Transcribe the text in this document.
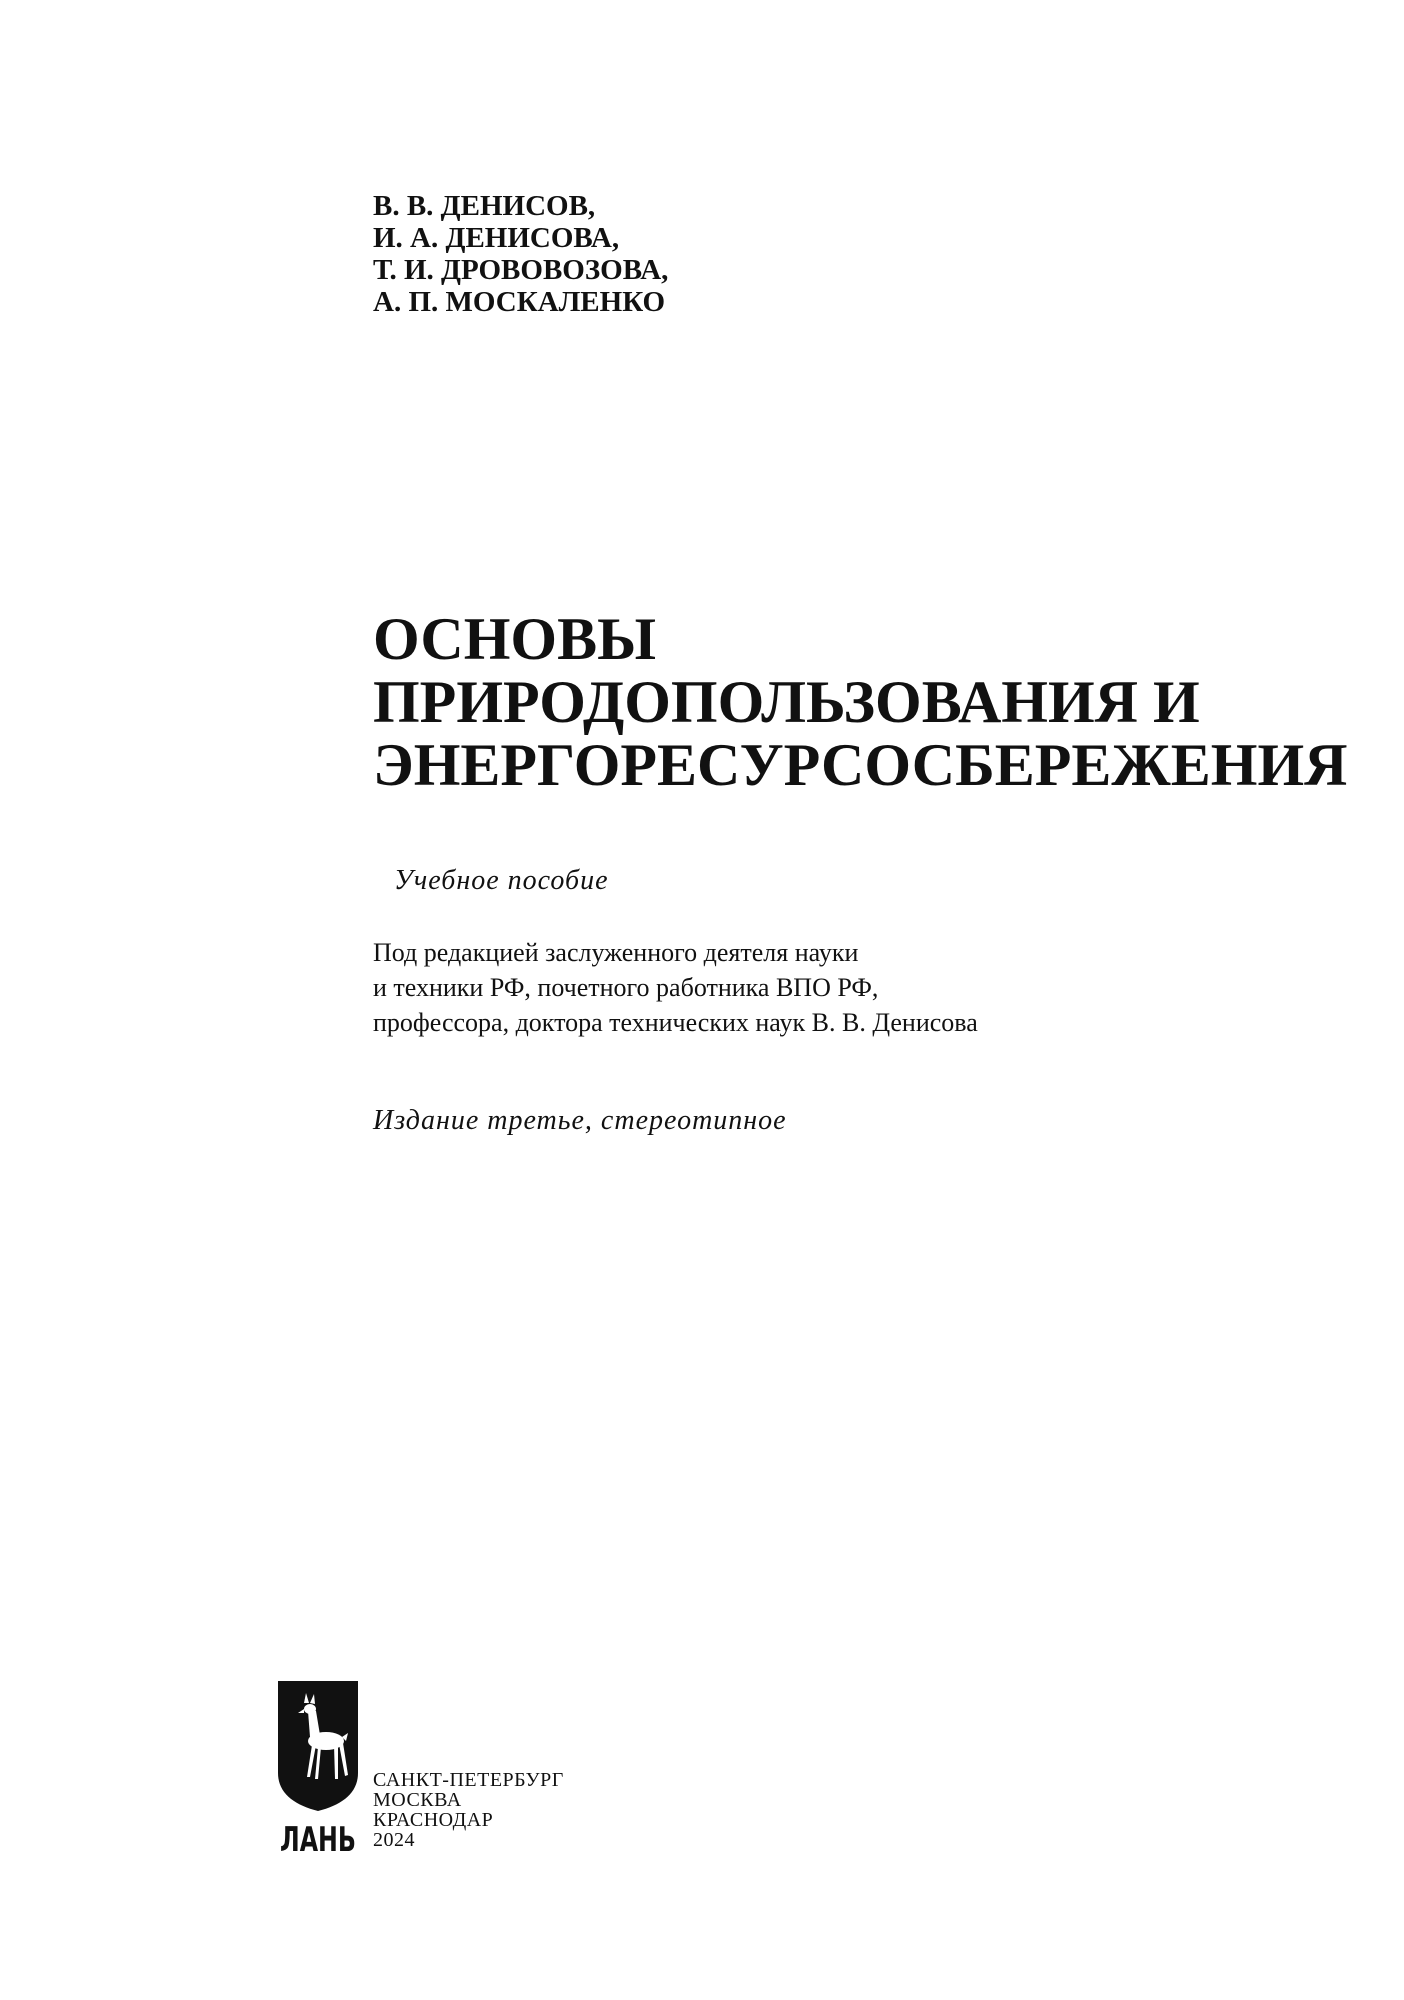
В. В. ДЕНИСОВ,
И. А. ДЕНИСОВА,
Т. И. ДРОВОВОЗОВА,
А. П. МОСКАЛЕНКО
ОСНОВЫ
ПРИРОДОПОЛЬЗОВАНИЯ И
ЭНЕРГОРЕСУРСОСБЕРЕЖЕНИЯ
Учебное пособие
Под редакцией заслуженного деятеля науки
и техники РФ, почетного работника ВПО РФ,
профессора, доктора технических наук В. В. Денисова
Издание третье, стереотипное
ЛАНЬ
САНКТ-ПЕТЕРБУРГ
МОСКВА
КРАСНОДАР
2024
